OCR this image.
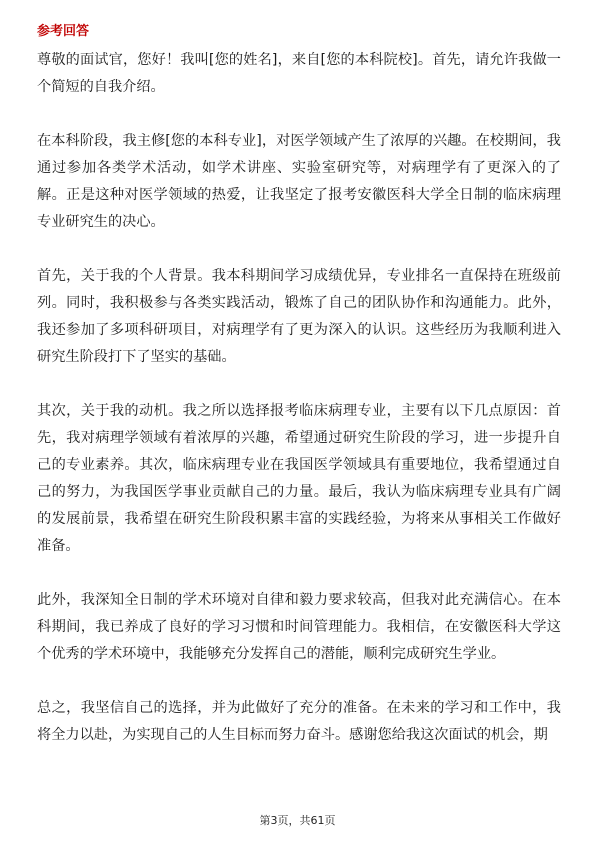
参考回答

尊敬的面试官，您好！我叫[您的姓名]，来自[您的本科院校]。首先，请允许我做一个简短的自我介绍。

在本科阶段，我主修[您的本科专业]，对医学领域产生了浓厚的兴趣。在校期间，我通过参加各类学术活动，如学术讲座、实验室研究等，对病理学有了更深入的了解。正是这种对医学领域的热爱，让我坚定了报考安徽医科大学全日制的临床病理专业研究生的决心。

首先，关于我的个人背景。我本科期间学习成绩优异，专业排名一直保持在班级前列。同时，我积极参与各类实践活动，锻炼了自己的团队协作和沟通能力。此外，我还参加了多项科研项目，对病理学有了更为深入的认识。这些经历为我顺利进入研究生阶段打下了坚实的基础。

其次，关于我的动机。我之所以选择报考临床病理专业，主要有以下几点原因：首先，我对病理学领域有着浓厚的兴趣，希望通过研究生阶段的学习，进一步提升自己的专业素养。其次，临床病理专业在我国医学领域具有重要地位，我希望通过自己的努力，为我国医学事业贡献自己的力量。最后，我认为临床病理专业具有广阔的发展前景，我希望在研究生阶段积累丰富的实践经验，为将来从事相关工作做好准备。

此外，我深知全日制的学术环境对自律和毅力要求较高，但我对此充满信心。在本科期间，我已养成了良好的学习习惯和时间管理能力。我相信，在安徽医科大学这个优秀的学术环境中，我能够充分发挥自己的潜能，顺利完成研究生学业。

总之，我坚信自己的选择，并为此做好了充分的准备。在未来的学习和工作中，我将全力以赴，为实现自己的人生目标而努力奋斗。感谢您给我这次面试的机会，期

第3页，共61页
